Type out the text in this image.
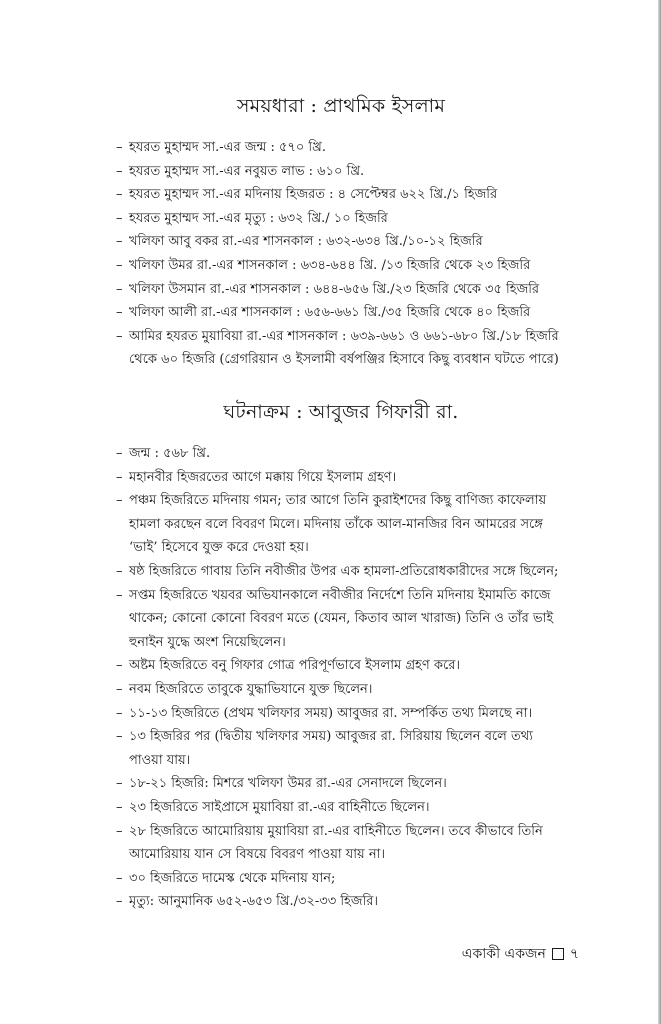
সময়ধারা : প্রাথমিক ইসলাম
– হযরত মুহাম্মদ সা.-এর জন্ম : ৫৭০ খ্রি.
– হযরত মুহাম্মদ সা.-এর নবুয়ত লাভ : ৬১০ খ্রি.
– হযরত মুহাম্মদ সা.-এর মদিনায় হিজরত : ৪ সেপ্টেম্বর ৬২২ খ্রি./১ হিজরি
– হযরত মুহাম্মদ সা.-এর মৃত্যু : ৬৩২ খ্রি./ ১০ হিজরি
– খলিফা আবু বকর রা.-এর শাসনকাল : ৬৩২-৬৩৪ খ্রি./১০-১২ হিজরি
– খলিফা উমর রা.-এর শাসনকাল : ৬৩৪-৬৪৪ খ্রি. /১৩ হিজরি থেকে ২৩ হিজরি
– খলিফা উসমান রা.-এর শাসনকাল : ৬৪৪-৬৫৬ খ্রি./২৩ হিজরি থেকে ৩৫ হিজরি
– খলিফা আলী রা.-এর শাসনকাল : ৬৫৬-৬৬১ খ্রি./৩৫ হিজরি থেকে ৪০ হিজরি
– আমির হযরত মুয়াবিয়া রা.-এর শাসনকাল : ৬৩৯-৬৬১ ও ৬৬১-৬৮০ খ্রি./১৮ হিজরি থেকে ৬০ হিজরি (গ্রেগরিয়ান ও ইসলামী বর্ষপঞ্জির হিসাবে কিছু ব্যবধান ঘটতে পারে)
ঘটনাক্রম : আবুজর গিফারী রা.
– জন্ম : ৫৬৮ খ্রি.
– মহানবীর হিজরতের আগে মক্কায় গিয়ে ইসলাম গ্রহণ।
– পঞ্চম হিজরিতে মদিনায় গমন; তার আগে তিনি কুরাইশদের কিছু বাণিজ্য কাফেলায় হামলা করছেন বলে বিবরণ মিলে। মদিনায় তাঁকে আল-মানজির বিন আমরের সঙ্গে ‘ভাই’ হিসেবে যুক্ত করে দেওয়া হয়।
– ষষ্ঠ হিজরিতে গাবায় তিনি নবীজীর উপর এক হামলা-প্রতিরোধকারীদের সঙ্গে ছিলেন;
– সপ্তম হিজরিতে খয়বর অভিযানকালে নবীজীর নির্দেশে তিনি মদিনায় ইমামতি কাজে থাকেন; কোনো কোনো বিবরণ মতে (যেমন, কিতাব আল খারাজ) তিনি ও তাঁর ভাই হুনাইন যুদ্ধে অংশ নিয়েছিলেন।
– অষ্টম হিজরিতে বনু গিফার গোত্র পরিপূর্ণভাবে ইসলাম গ্রহণ করে।
– নবম হিজরিতে তাবুকে যুদ্ধাভিযানে যুক্ত ছিলেন।
– ১১-১৩ হিজরিতে (প্রথম খলিফার সময়) আবুজর রা. সম্পর্কিত তথ্য মিলছে না।
– ১৩ হিজরির পর (দ্বিতীয় খলিফার সময়) আবুজর রা. সিরিয়ায় ছিলেন বলে তথ্য পাওয়া যায়।
– ১৮-২১ হিজরি: মিশরে খলিফা উমর রা.-এর সেনাদলে ছিলেন।
– ২৩ হিজরিতে সাইপ্রাসে মুয়াবিয়া রা.-এর বাহিনীতে ছিলেন।
– ২৮ হিজরিতে আমোরিয়ায় মুয়াবিয়া রা.-এর বাহিনীতে ছিলেন। তবে কীভাবে তিনি আমোরিয়ায় যান সে বিষয়ে বিবরণ পাওয়া যায় না।
– ৩০ হিজরিতে দামেস্ক থেকে মদিনায় যান;
– মৃত্যু: আনুমানিক ৬৫২-৬৫৩ খ্রি./৩২-৩৩ হিজরি।
একাকী একজন ৭
